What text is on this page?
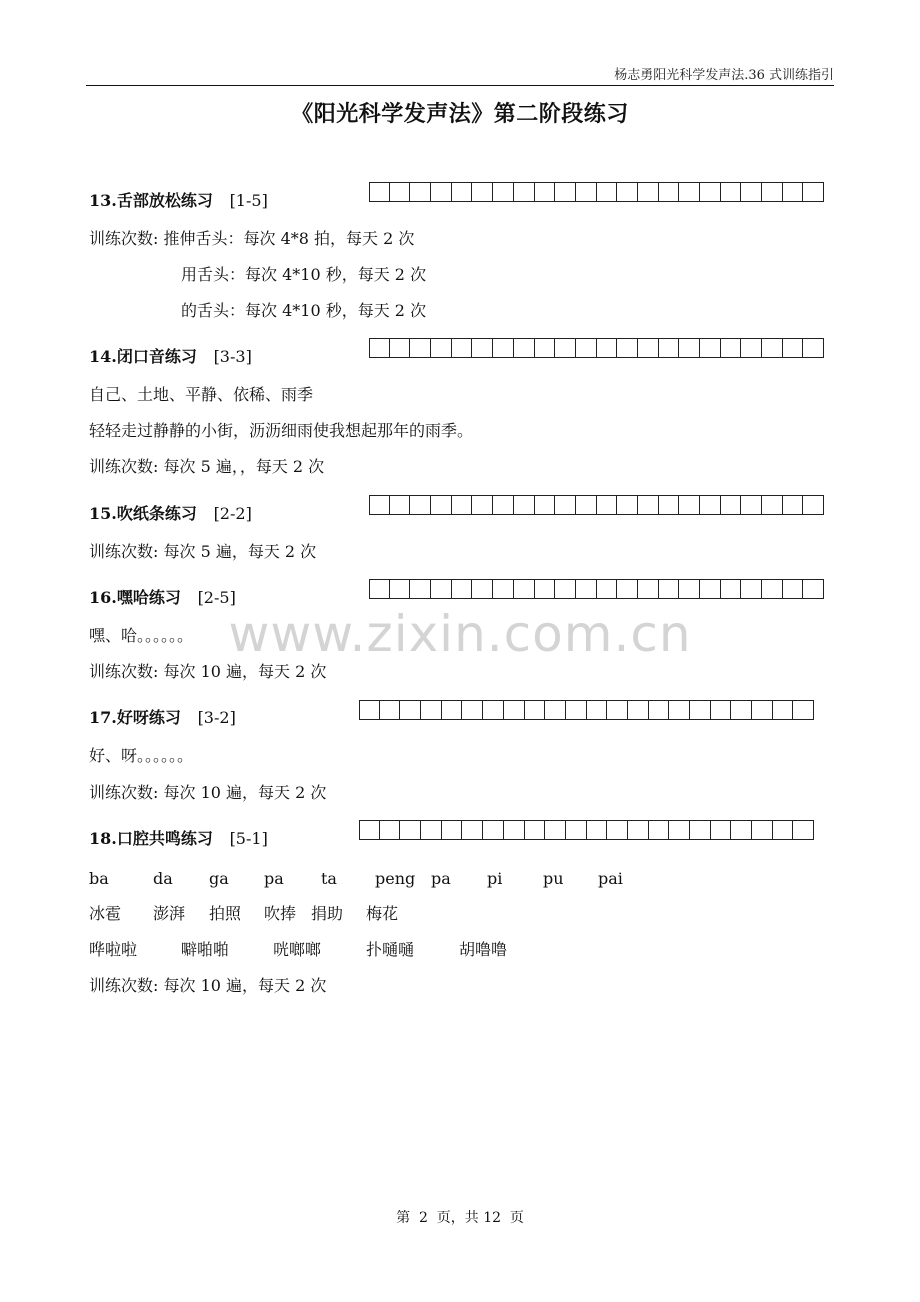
杨志勇阳光科学发声法.36 式训练指引
《阳光科学发声法》第二阶段练习
www.zixin.com.cn
13.舌部放松练习 [1-5]
训练次数: 推伸舌头：每次 4*8 拍，每天 2 次
用舌头：每次 4*10 秒，每天 2 次
的舌头：每次 4*10 秒，每天 2 次
14.闭口音练习 [3-3]
自己、土地、平静、依稀、雨季
轻轻走过静静的小街，沥沥细雨使我想起那年的雨季。
训练次数: 每次 5 遍，，每天 2 次
15.吹纸条练习 [2-2]
训练次数: 每次 5 遍，每天 2 次
16.嘿哈练习 [2-5]
嘿、哈。。。。。。
训练次数: 每次 10 遍，每天 2 次
17.好呀练习 [3-2]
好、呀。。。。。。
训练次数: 每次 10 遍，每天 2 次
18.口腔共鸣练习 [5-1]
ba	da ga pa ta peng pa pi	pu pai
冰雹 澎湃 拍照 吹捧 捐助 梅花
哗啦啦	噼啪啪	咣啷啷	扑嗵嗵	胡噜噜
训练次数: 每次 10 遍，每天 2 次
第  2  页，共 12  页
